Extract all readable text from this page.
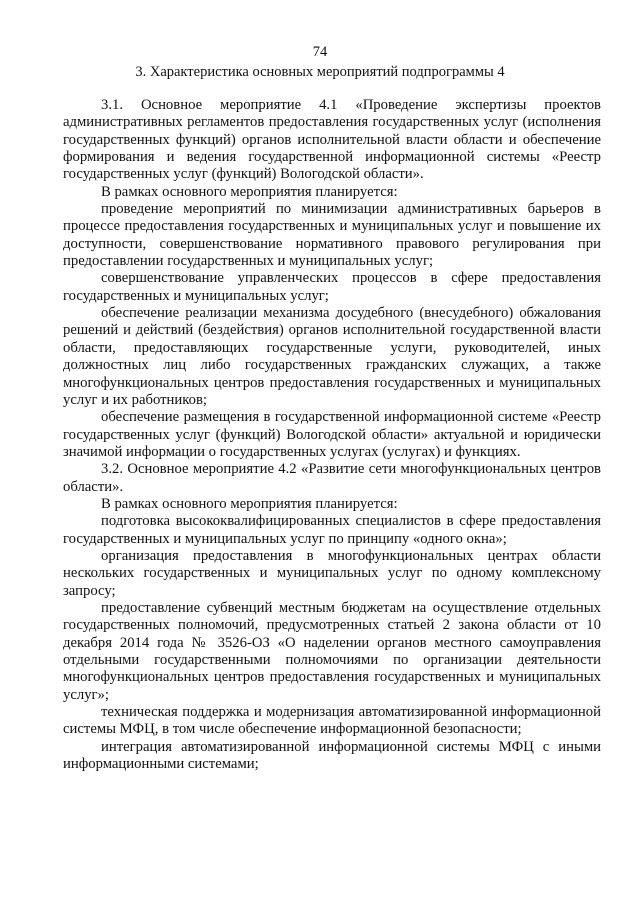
74
3. Характеристика основных мероприятий подпрограммы 4

3.1. Основное мероприятие 4.1 «Проведение экспертизы проектов административных регламентов предоставления государственных услуг (исполнения государственных функций) органов исполнительной власти области и обеспечение формирования и ведения государственной информационной системы «Реестр государственных услуг (функций) Вологодской области».

В рамках основного мероприятия планируется:

проведение мероприятий по минимизации административных барьеров в процессе предоставления государственных и муниципальных услуг и повышение их доступности, совершенствование нормативного правового регулирования при предоставлении государственных и муниципальных услуг;

совершенствование управленческих процессов в сфере предоставления государственных и муниципальных услуг;

обеспечение реализации механизма досудебного (внесудебного) обжалования решений и действий (бездействия) органов исполнительной государственной власти области, предоставляющих государственные услуги, руководителей, иных должностных лиц либо государственных гражданских служащих, а также многофункциональных центров предоставления государственных и муниципальных услуг и их работников;

обеспечение размещения в государственной информационной системе «Реестр государственных услуг (функций) Вологодской области» актуальной и юридически значимой информации о государственных услугах (услугах) и функциях.

3.2. Основное мероприятие 4.2 «Развитие сети многофункциональных центров области».

В рамках основного мероприятия планируется:

подготовка высококвалифицированных специалистов в сфере предоставления государственных и муниципальных услуг по принципу «одного окна»;

организация предоставления в многофункциональных центрах области нескольких государственных и муниципальных услуг по одному комплексному запросу;

предоставление субвенций местным бюджетам на осуществление отдельных государственных полномочий, предусмотренных статьей 2 закона области от 10 декабря 2014 года № 3526-ОЗ «О наделении органов местного самоуправления отдельными государственными полномочиями по организации деятельности многофункциональных центров предоставления государственных и муниципальных услуг»;

техническая поддержка и модернизация автоматизированной информационной системы МФЦ, в том числе обеспечение информационной безопасности;

интеграция автоматизированной информационной системы МФЦ с иными информационными системами;
